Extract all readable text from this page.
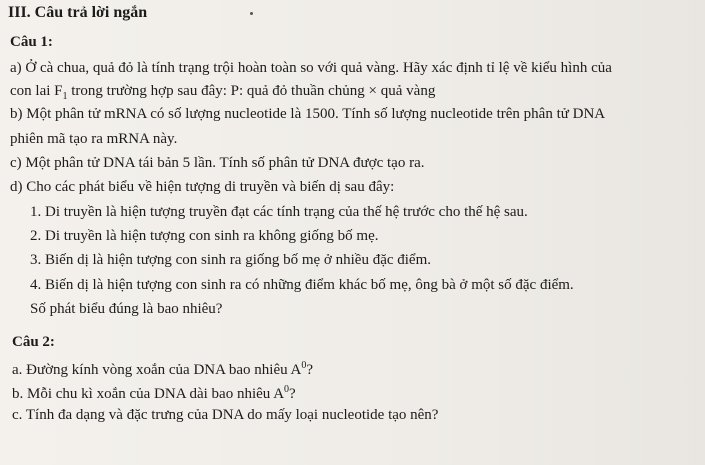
III. Câu trả lời ngắn
Câu 1:
a) Ở cà chua, quả đỏ là tính trạng trội hoàn toàn so với quả vàng. Hãy xác định tỉ lệ về kiểu hình của
con lai $F_1$ trong trường hợp sau đây: P: quả đỏ thuần chủng × quả vàng
b) Một phân tử mRNA có số lượng nucleotide là 1500. Tính số lượng nucleotide trên phân tử DNA
phiên mã tạo ra mRNA này.
c) Một phân tử DNA tái bản 5 lần. Tính số phân tử DNA được tạo ra.
d) Cho các phát biểu về hiện tượng di truyền và biến dị sau đây:
1. Di truyền là hiện tượng truyền đạt các tính trạng của thế hệ trước cho thế hệ sau.
2. Di truyền là hiện tượng con sinh ra không giống bố mẹ.
3. Biến dị là hiện tượng con sinh ra giống bố mẹ ở nhiều đặc điểm.
4. Biến dị là hiện tượng con sinh ra có những điểm khác bố mẹ, ông bà ở một số đặc điểm.
Số phát biểu đúng là bao nhiêu?
Câu 2:
a. Đường kính vòng xoắn của DNA bao nhiêu $A^0$?
b. Mỗi chu kì xoắn của DNA dài bao nhiêu $A^0$?
c. Tính đa dạng và đặc trưng của DNA do mấy loại nucleotide tạo nên?
